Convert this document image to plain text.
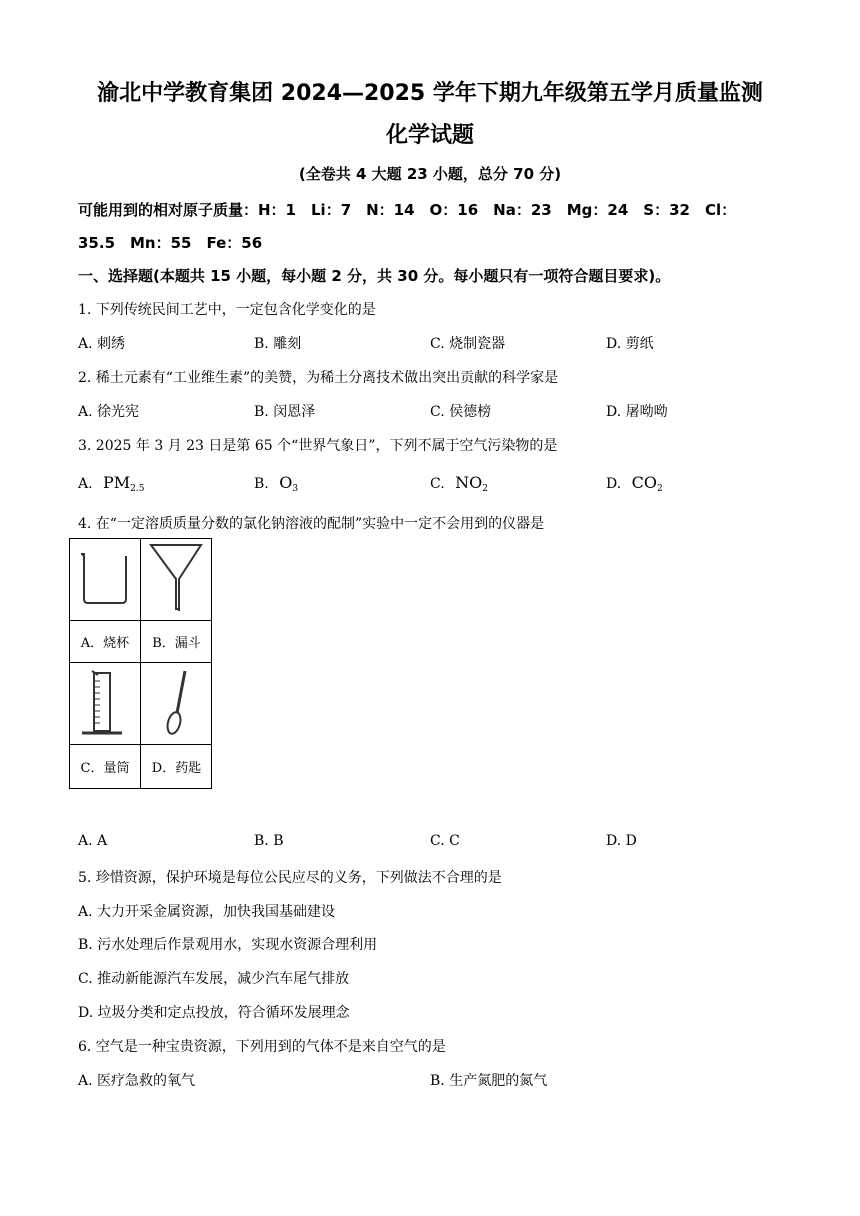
渝北中学教育集团 2024—2025 学年下期九年级第五学月质量监测
化学试题
(全卷共 4 大题 23 小题，总分 70 分)
可能用到的相对原子质量：H：1　Li：7　N：14　O：16　Na：23　Mg：24　S：32　Cl：
35.5　Mn：55　Fe：56
一、选择题(本题共 15 小题，每小题 2 分，共 30 分。每小题只有一项符合题目要求)。
1. 下列传统民间工艺中，一定包含化学变化的是
A. 刺绣	B. 雕刻	C. 烧制瓷器	D. 剪纸
2. 稀土元素有“工业维生素”的美赞，为稀土分离技术做出突出贡献的科学家是
A. 徐光宪	B. 闵恩泽	C. 侯德榜	D. 屠呦呦
3. 2025 年 3 月 23 日是第 65 个“世界气象日”，下列不属于空气污染物的是
A. $PM_{2.5}$	B. $O_3$	C. $NO_2$	D. $CO_2$
4. 在“一定溶质质量分数的氯化钠溶液的配制”实验中一定不会用到的仪器是
A．烧杯	B．漏斗
C．量筒	D．药匙
A. A	B. B	C. C	D. D
5. 珍惜资源，保护环境是每位公民应尽的义务，下列做法不合理的是
A. 大力开采金属资源，加快我国基础建设
B. 污水处理后作景观用水，实现水资源合理利用
C. 推动新能源汽车发展，减少汽车尾气排放
D. 垃圾分类和定点投放，符合循环发展理念
6. 空气是一种宝贵资源，下列用到的气体不是来自空气的是
A. 医疗急救的氧气	B. 生产氮肥的氮气
